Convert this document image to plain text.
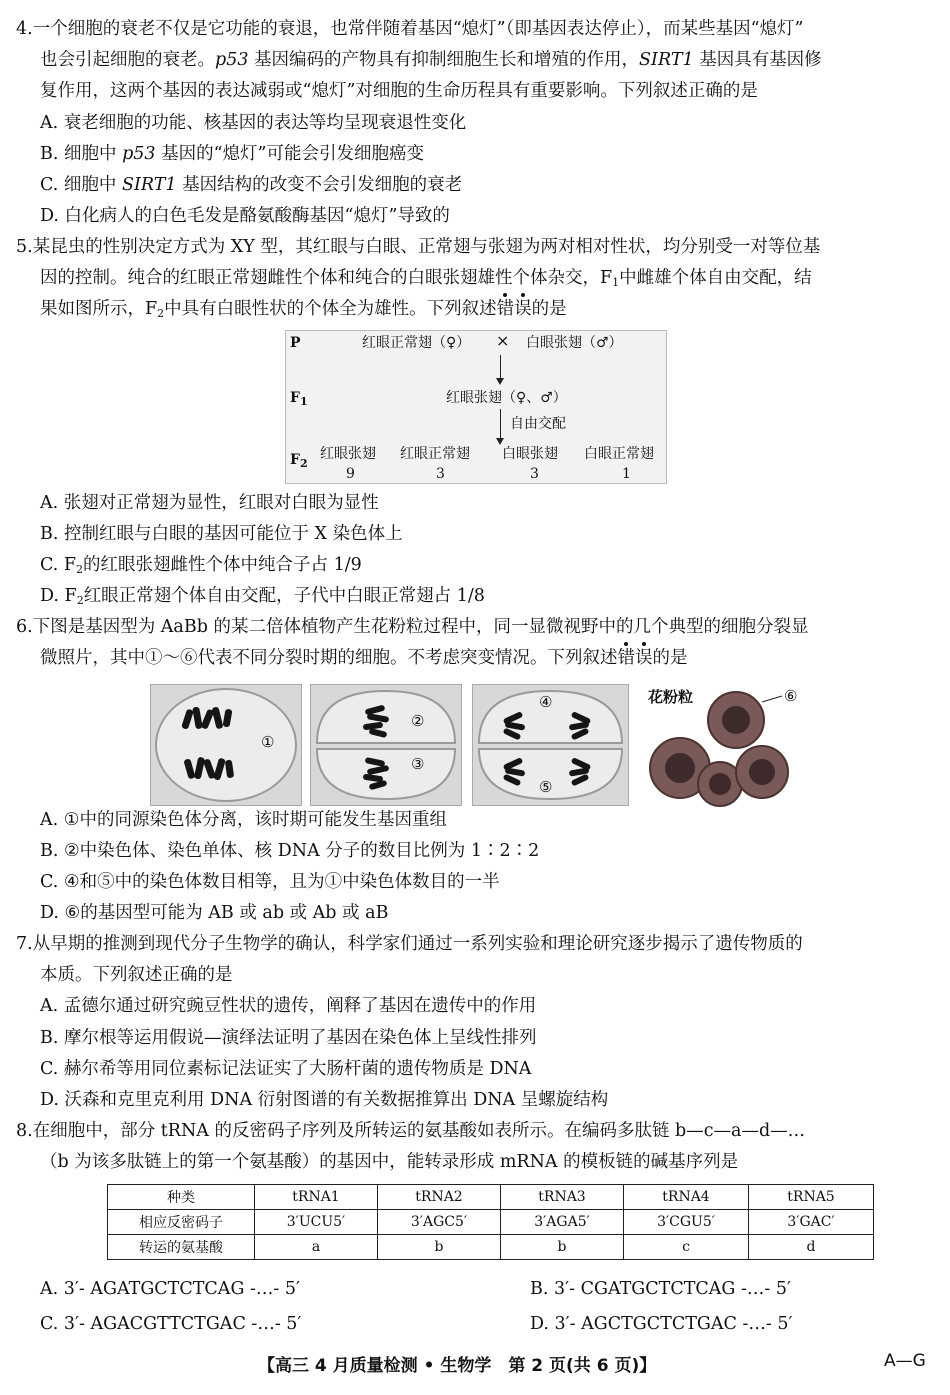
4.一个细胞的衰老不仅是它功能的衰退，也常伴随着基因“熄灯”（即基因表达停止），而某些基因“熄灯”
也会引起细胞的衰老。p53 基因编码的产物具有抑制细胞生长和增殖的作用，SIRT1 基因具有基因修
复作用，这两个基因的表达减弱或“熄灯”对细胞的生命历程具有重要影响。下列叙述正确的是
A. 衰老细胞的功能、核基因的表达等均呈现衰退性变化
B. 细胞中 p53 基因的“熄灯”可能会引发细胞癌变
C. 细胞中 SIRT1 基因结构的改变不会引发细胞的衰老
D. 白化病人的白色毛发是酪氨酸酶基因“熄灯”导致的
5.某昆虫的性别决定方式为 XY 型，其红眼与白眼、正常翅与张翅为两对相对性状，均分别受一对等位基
因的控制。纯合的红眼正常翅雌性个体和纯合的白眼张翅雄性个体杂交，$F_1$中雌雄个体自由交配，结
果如图所示，$F_2$中具有白眼性状的个体全为雄性。下列叙述错误的是
P	红眼正常翅（♀） × 白眼张翅（♂）
$F_1$	红眼张翅（♀、♂）
自由交配
$F_2$
红眼张翅
9
红眼正常翅
3
白眼张翅
3
白眼正常翅
1
A. 张翅对正常翅为显性，红眼对白眼为显性
B. 控制红眼与白眼的基因可能位于 X 染色体上
C. $F_2$的红眼张翅雌性个体中纯合子占 1/9
D. $F_2$红眼正常翅个体自由交配，子代中白眼正常翅占 1/8
6.下图是基因型为 AaBb 的某二倍体植物产生花粉粒过程中，同一显微视野中的几个典型的细胞分裂显
微照片，其中①～⑥代表不同分裂时期的细胞。不考虑突变情况。下列叙述错误的是
①
②
③
④
⑤
花粉粒	⑥
A. ①中的同源染色体分离，该时期可能发生基因重组
B. ②中染色体、染色单体、核 DNA 分子的数目比例为 1∶2∶2
C. ④和⑤中的染色体数目相等，且为①中染色体数目的一半
D. ⑥的基因型可能为 AB 或 ab 或 Ab 或 aB
7.从早期的推测到现代分子生物学的确认，科学家们通过一系列实验和理论研究逐步揭示了遗传物质的
本质。下列叙述正确的是
A. 孟德尔通过研究豌豆性状的遗传，阐释了基因在遗传中的作用
B. 摩尔根等运用假说—演绎法证明了基因在染色体上呈线性排列
C. 赫尔希等用同位素标记法证实了大肠杆菌的遗传物质是 DNA
D. 沃森和克里克利用 DNA 衍射图谱的有关数据推算出 DNA 呈螺旋结构
8.在细胞中，部分 tRNA 的反密码子序列及所转运的氨基酸如表所示。在编码多肽链 b—c—a—d—…
（b 为该多肽链上的第一个氨基酸）的基因中，能转录形成 mRNA 的模板链的碱基序列是
种类	tRNA1	tRNA2	tRNA3	tRNA4	tRNA5
相应反密码子	3′UCU5′	3′AGC5′	3′AGA5′	3′CGU5′	3′GAC′
转运的氨基酸	a	b	b	c	d
A. 3′- AGATGCTCTCAG -…- 5′	B. 3′- CGATGCTCTCAG -…- 5′
C. 3′- AGACGTTCTGAC -…- 5′	D. 3′- AGCTGCTCTGAC -…- 5′
【高三 4 月质量检测 • 生物学　第 2 页(共 6 页)】	A—G
